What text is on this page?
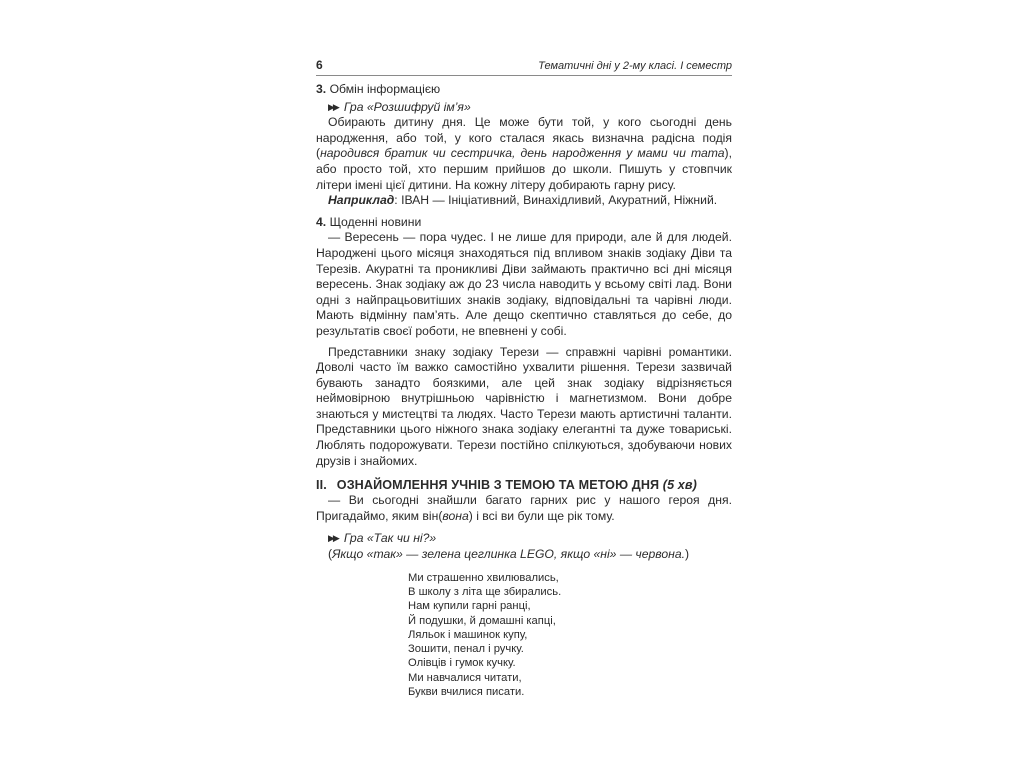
6	Тематичні дні у 2-му класі. I семестр
3. Обмін інформацією
▶▶ Гра «Розшифруй ім’я»

Обирають дитину дня. Це може бути той, у кого сьогодні день народження, або той, у кого сталася якась визначна радісна подія (народився братик чи сестричка, день народження у мами чи тата), або просто той, хто першим прийшов до школи. Пишуть у стовпчик літери імені цієї дитини. На кожну літеру добирають гарну рису.

Наприклад: ІВАН — Ініціативний, Винахідливий, Акуратний, Ніжний.

4. Щоденні новини

— Вересень — пора чудес. І не лише для природи, але й для людей. Народжені цього місяця знаходяться під впливом знаків зодіаку Діви та Терезів. Акуратні та проникливі Діви займають практично всі дні місяця вересень. Знак зодіаку аж до 23 числа наводить у всьому світі лад. Вони одні з найпрацьовитіших знаків зодіаку, відповідальні та чарівні люди. Мають відмінну пам’ять. Але дещо скептично ставляться до себе, до результатів своєї роботи, не впевнені у собі.

Представники знаку зодіаку Терези — справжні чарівні романтики. Доволі часто їм важко самостійно ухвалити рішення. Терези зазвичай бувають занадто боязкими, але цей знак зодіаку відрізняється неймовірною внутрішньою чарівністю і магнетизмом. Вони добре знаються у мистецтві та людях. Часто Терези мають артистичні таланти. Представники цього ніжного знака зодіаку елегантні та дуже товариські. Люблять подорожувати. Терези постійно спілкуються, здобуваючи нових друзів і знайомих.

ІІ. ОЗНАЙОМЛЕННЯ УЧНІВ З ТЕМОЮ ТА МЕТОЮ ДНЯ (5 хв)

— Ви сьогодні знайшли багато гарних рис у нашого героя дня. Пригадаймо, яким він(вона) і всі ви були ще рік тому.

▶▶ Гра «Так чи ні?»

(Якщо «так» — зелена цеглинка LEGO, якщо «ні» — червона.)

Ми страшенно хвилювались,
В школу з літа ще збирались.
Нам купили гарні ранці,
Й подушки, й домашні капці,
Ляльок і машинок купу,
Зошити, пенал і ручку.
Олівців і гумок кучку.
Ми навчалися читати,
Букви вчилися писати.
